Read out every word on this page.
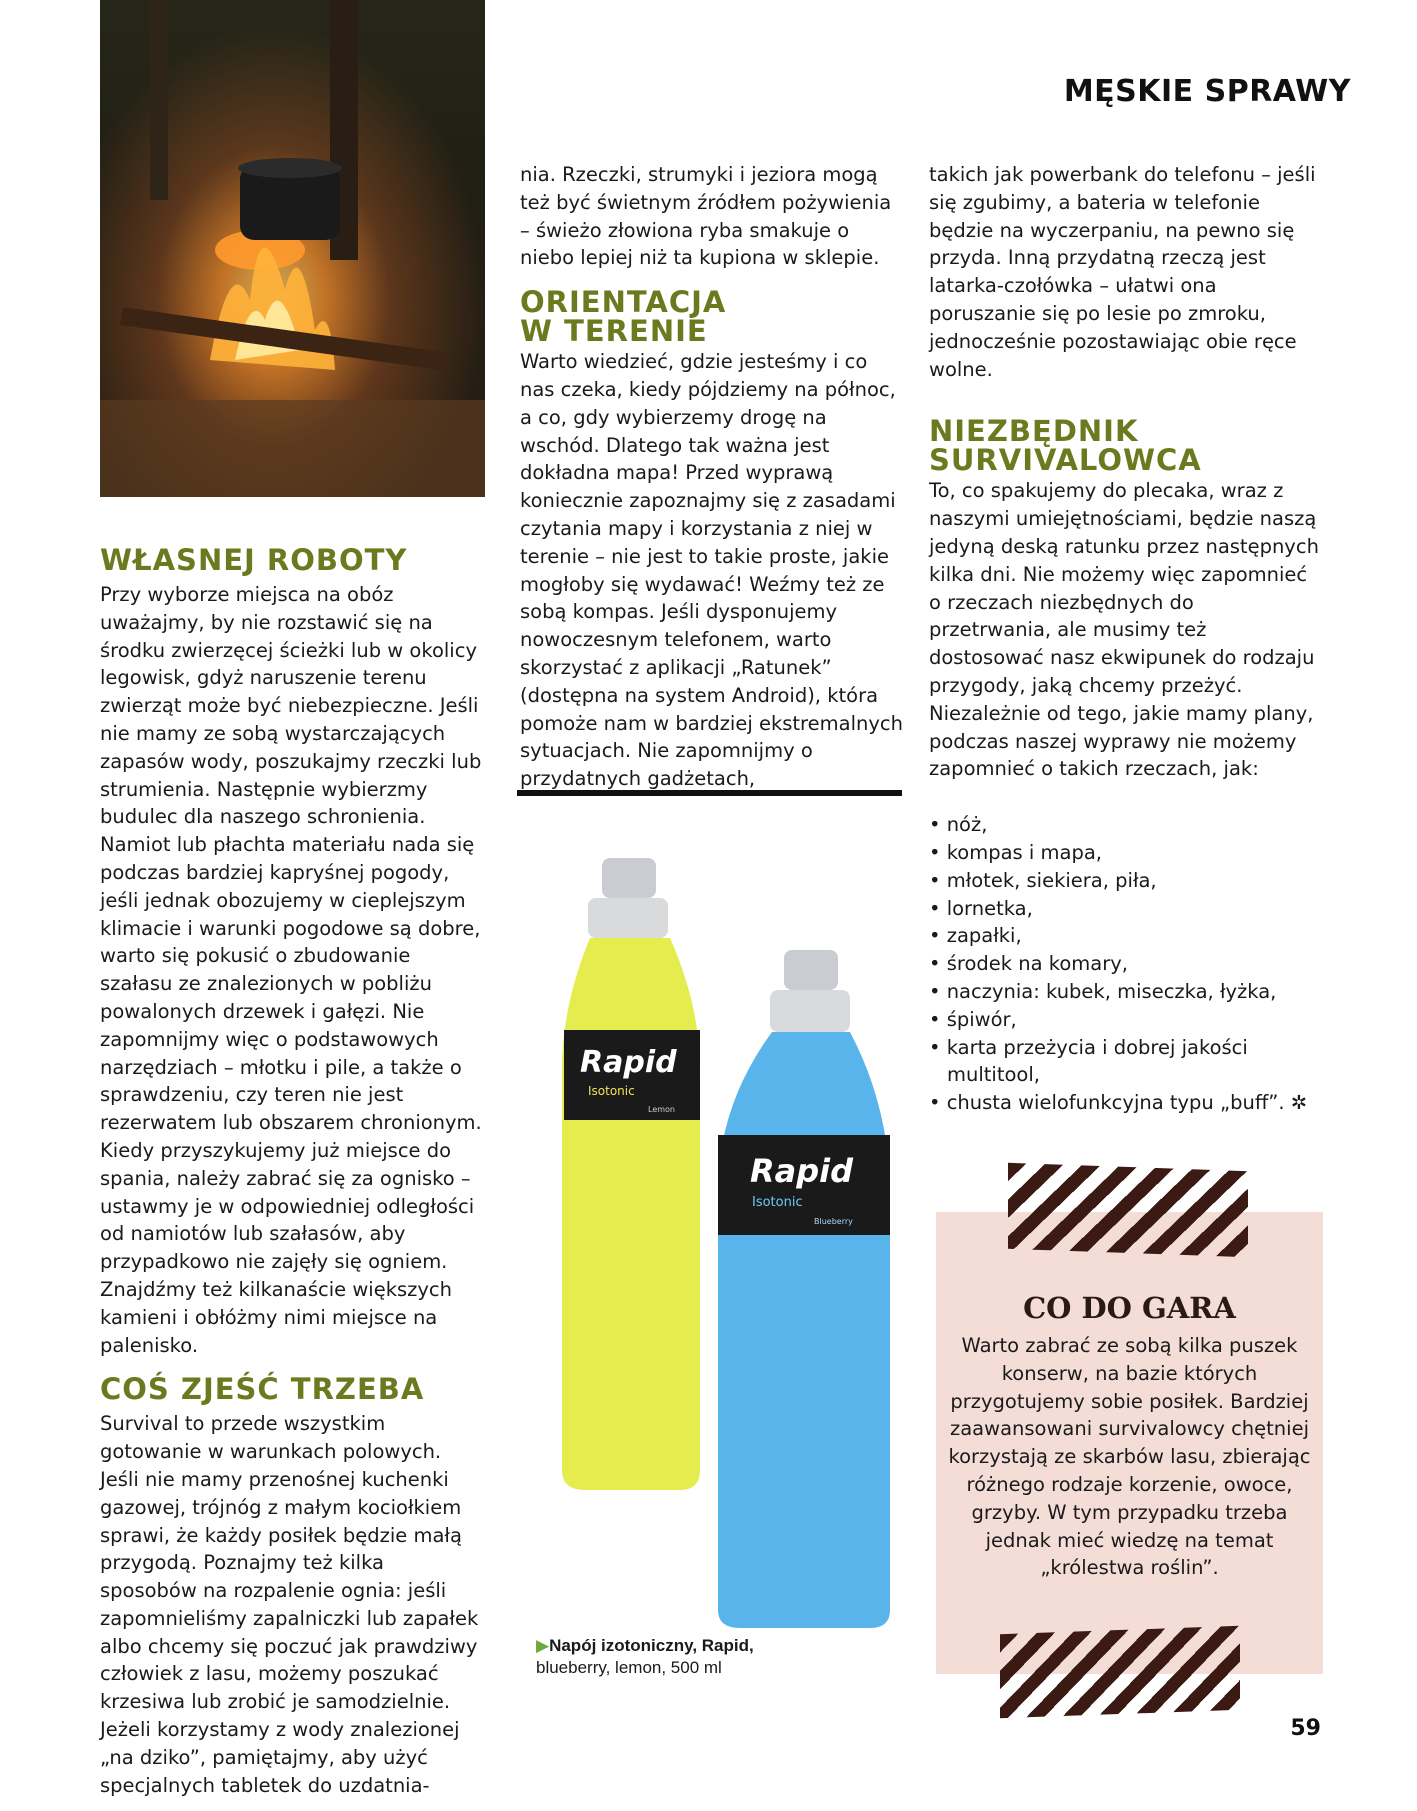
MĘSKIE SPRAWY
WŁASNEJ ROBOTY

Przy wyborze miejsca na obóz uważajmy, by nie rozstawić się na środku zwierzęcej ścieżki lub w okolicy legowisk, gdyż naruszenie terenu zwierząt może być niebezpieczne. Jeśli nie mamy ze sobą wystarczających zapasów wody, poszukajmy rzeczki lub strumienia. Następnie wybierzmy budulec dla naszego schronienia. Namiot lub płachta materiału nada się podczas bardziej kapryśnej pogody, jeśli jednak obozujemy w cieplejszym klimacie i warunki pogodowe są dobre, warto się pokusić o zbudowanie szałasu ze znalezionych w pobliżu powalonych drzewek i gałęzi. Nie zapomnijmy więc o podstawowych narzędziach – młotku i pile, a także o sprawdzeniu, czy teren nie jest rezerwatem lub obszarem chronionym. Kiedy przyszykujemy już miejsce do spania, należy zabrać się za ognisko – ustawmy je w odpowiedniej odległości od namiotów lub szałasów, aby przypadkowo nie zajęły się ogniem. Znajdźmy też kilkanaście większych kamieni i obłóżmy nimi miejsce na palenisko.

COŚ ZJEŚĆ TRZEBA

Survival to przede wszystkim gotowanie w warunkach polowych. Jeśli nie mamy przenośnej kuchenki gazowej, trójnóg z małym kociołkiem sprawi, że każdy posiłek będzie małą przygodą. Poznajmy też kilka sposobów na rozpalenie ognia: jeśli zapomnieliśmy zapalniczki lub zapałek albo chcemy się poczuć jak prawdziwy człowiek z lasu, możemy poszukać krzesiwa lub zrobić je samodzielnie. Jeżeli korzystamy z wody znalezionej „na dziko”, pamiętajmy, aby użyć specjalnych tabletek do uzdatnia-

nia. Rzeczki, strumyki i jeziora mogą też być świetnym źródłem pożywienia – świeżo złowiona ryba smakuje o niebo lepiej niż ta kupiona w sklepie.

ORIENTACJA
W TERENIE

Warto wiedzieć, gdzie jesteśmy i co nas czeka, kiedy pójdziemy na północ, a co, gdy wybierzemy drogę na wschód. Dlatego tak ważna jest dokładna mapa! Przed wyprawą koniecznie zapoznajmy się z zasadami czytania mapy i korzystania z niej w terenie – nie jest to takie proste, jakie mogłoby się wydawać! Weźmy też ze sobą kompas. Jeśli dysponujemy nowoczesnym telefonem, warto skorzystać z aplikacji „Ratunek” (dostępna na system Android), która pomoże nam w bardziej ekstremalnych sytuacjach. Nie zapomnijmy o przydatnych gadżetach,

Rapid
Isotonic
Lemon
Rapid
Isotonic
Blueberry
▶Napój izotoniczny, Rapid,
blueberry, lemon, 500 ml

takich jak powerbank do telefonu – jeśli się zgubimy, a bateria w telefonie będzie na wyczerpaniu, na pewno się przyda. Inną przydatną rzeczą jest latarka-czołówka – ułatwi ona poruszanie się po lesie po zmroku, jednocześnie pozostawiając obie ręce wolne.

NIEZBĘDNIK
SURVIVALOWCA

To, co spakujemy do plecaka, wraz z naszymi umiejętnościami, będzie naszą jedyną deską ratunku przez następnych kilka dni. Nie możemy więc zapomnieć o rzeczach niezbędnych do przetrwania, ale musimy też dostosować nasz ekwipunek do rodzaju przygody, jaką chcemy przeżyć. Niezależnie od tego, jakie mamy plany, podczas naszej wyprawy nie możemy zapomnieć o takich rzeczach, jak:

• nóż,
• kompas i mapa,
• młotek, siekiera, piła,
• lornetka,
• zapałki,
• środek na komary,
• naczynia: kubek, miseczka, łyżka,
• śpiwór,
• karta przeżycia i dobrej jakości multitool,
• chusta wielofunkcyjna typu „buff”. ✲
CO DO GARA

Warto zabrać ze sobą kilka puszek konserw, na bazie których przygotujemy sobie posiłek. Bardziej zaawansowani survivalowcy chętniej korzystają ze skarbów lasu, zbierając różnego rodzaje korzenie, owoce, grzyby. W tym przypadku trzeba jednak mieć wiedzę na temat „królestwa roślin”.

59
